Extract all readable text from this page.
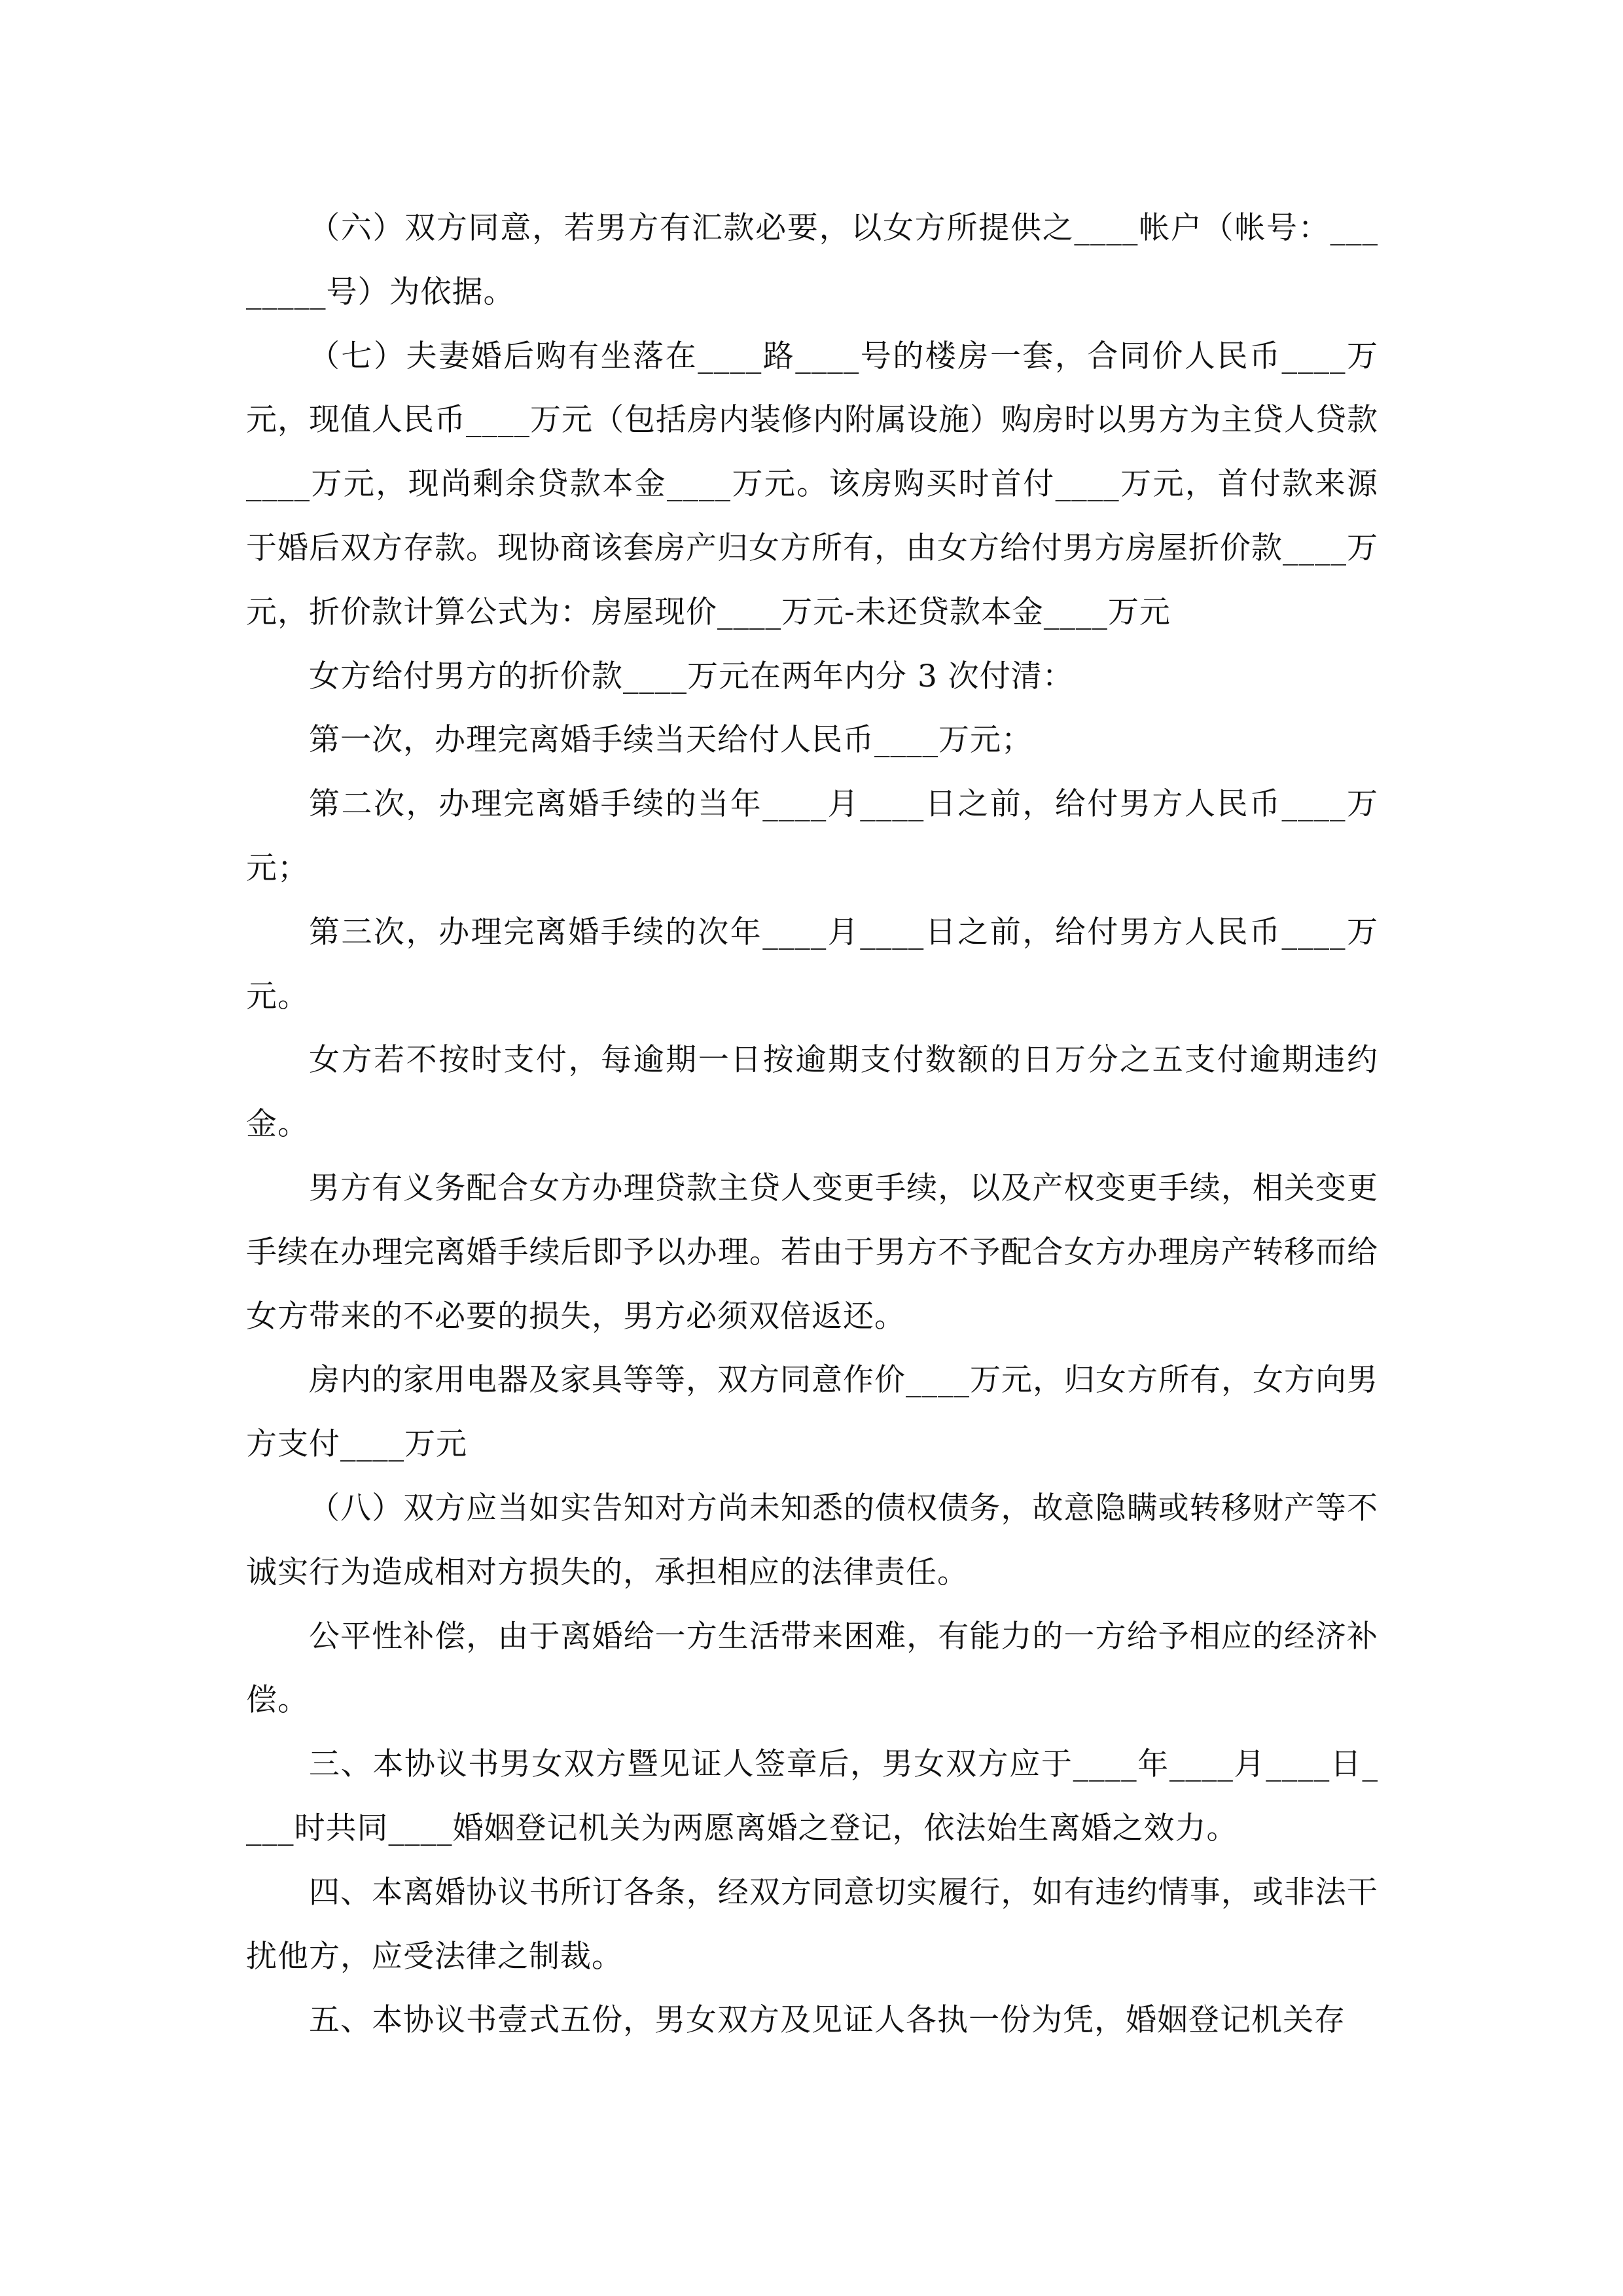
（六）双方同意，若男方有汇款必要，以女方所提供之____帐户（帐号：________号）为依据。

（七）夫妻婚后购有坐落在____路____号的楼房一套，合同价人民币____万元，现值人民币____万元（包括房内装修内附属设施）购房时以男方为主贷人贷款____万元，现尚剩余贷款本金____万元。该房购买时首付____万元，首付款来源于婚后双方存款。现协商该套房产归女方所有，由女方给付男方房屋折价款____万元，折价款计算公式为：房屋现价____万元-未还贷款本金____万元

女方给付男方的折价款____万元在两年内分 3 次付清：

第一次，办理完离婚手续当天给付人民币____万元；

第二次，办理完离婚手续的当年____月____日之前，给付男方人民币____万元；

第三次，办理完离婚手续的次年____月____日之前，给付男方人民币____万元。

女方若不按时支付，每逾期一日按逾期支付数额的日万分之五支付逾期违约金。

男方有义务配合女方办理贷款主贷人变更手续，以及产权变更手续，相关变更手续在办理完离婚手续后即予以办理。若由于男方不予配合女方办理房产转移而给女方带来的不必要的损失，男方必须双倍返还。

房内的家用电器及家具等等，双方同意作价____万元，归女方所有，女方向男方支付____万元

（八）双方应当如实告知对方尚未知悉的债权债务，故意隐瞒或转移财产等不诚实行为造成相对方损失的，承担相应的法律责任。

公平性补偿，由于离婚给一方生活带来困难，有能力的一方给予相应的经济补偿。

三、本协议书男女双方暨见证人签章后，男女双方应于____年____月____日____时共同____婚姻登记机关为两愿离婚之登记，依法始生离婚之效力。

四、本离婚协议书所订各条，经双方同意切实履行，如有违约情事，或非法干扰他方，应受法律之制裁。

五、本协议书壹式五份，男女双方及见证人各执一份为凭，婚姻登记机关存
